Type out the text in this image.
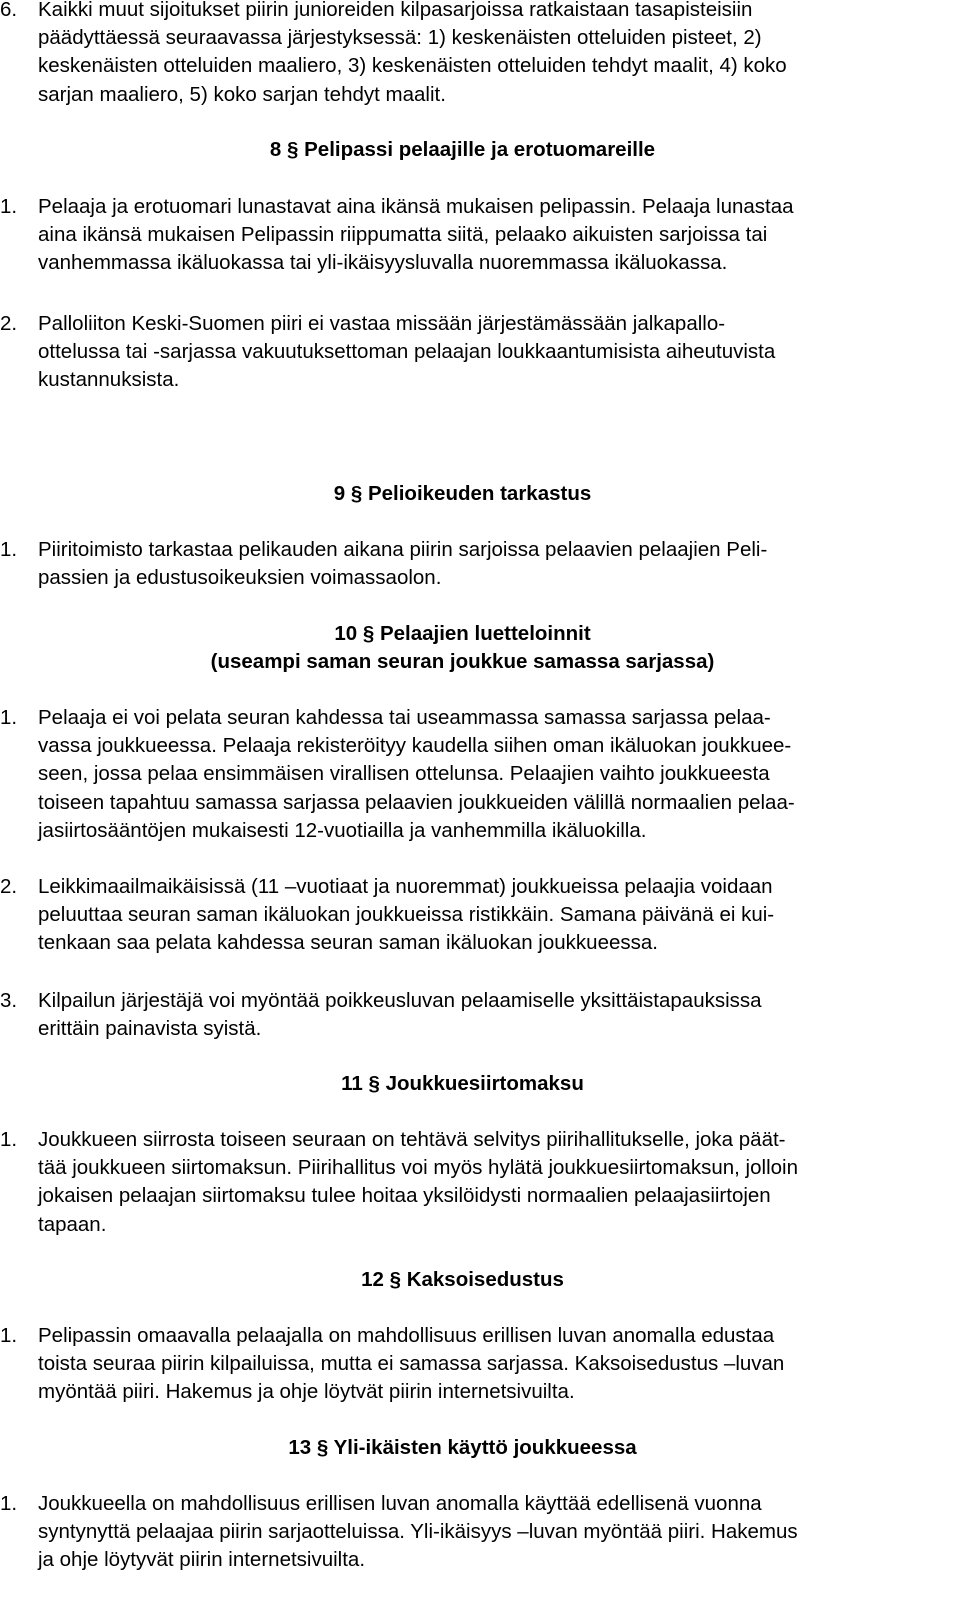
6.	Kaikki muut sijoitukset piirin junioreiden kilpasarjoissa ratkaistaan tasapisteisiin
päädyttäessä seuraavassa järjestyksessä: 1) keskenäisten otteluiden pisteet, 2)
keskenäisten otteluiden maaliero, 3) keskenäisten otteluiden tehdyt maalit, 4) koko
sarjan maaliero, 5) koko sarjan tehdyt maalit.
8 § Pelipassi pelaajille ja erotuomareille
1.	Pelaaja ja erotuomari lunastavat aina ikänsä mukaisen pelipassin. Pelaaja lunastaa
aina ikänsä mukaisen Pelipassin riippumatta siitä, pelaako aikuisten sarjoissa tai
vanhemmassa ikäluokassa tai yli-ikäisyysluvalla nuoremmassa ikäluokassa.
2.	Palloliiton Keski-Suomen piiri ei vastaa missään järjestämässään jalkapallo-
ottelussa tai -sarjassa vakuutuksettoman pelaajan loukkaantumisista aiheutuvista
kustannuksista.
9 § Pelioikeuden tarkastus
1.	Piiritoimisto tarkastaa pelikauden aikana piirin sarjoissa pelaavien pelaajien Peli-
passien ja edustusoikeuksien voimassaolon.
10 § Pelaajien luetteloinnit
(useampi saman seuran joukkue samassa sarjassa)
1.	Pelaaja ei voi pelata seuran kahdessa tai useammassa samassa sarjassa pelaa-
vassa joukkueessa. Pelaaja rekisteröityy kaudella siihen oman ikäluokan joukkuee-
seen, jossa pelaa ensimmäisen virallisen ottelunsa. Pelaajien vaihto joukkueesta
toiseen tapahtuu samassa sarjassa pelaavien joukkueiden välillä normaalien pelaa-
jasiirtosääntöjen mukaisesti 12-vuotiailla ja vanhemmilla ikäluokilla.
2.	Leikkimaailmaikäisissä (11 –vuotiaat ja nuoremmat) joukkueissa pelaajia voidaan
peluuttaa seuran saman ikäluokan joukkueissa ristikkäin. Samana päivänä ei kui-
tenkaan saa pelata kahdessa seuran saman ikäluokan joukkueessa.
3.	Kilpailun järjestäjä voi myöntää poikkeusluvan pelaamiselle yksittäistapauksissa
erittäin painavista syistä.
11 § Joukkuesiirtomaksu
1.	Joukkueen siirrosta toiseen seuraan on tehtävä selvitys piirihallitukselle, joka päät-
tää joukkueen siirtomaksun. Piirihallitus voi myös hylätä joukkuesiirtomaksun, jolloin
jokaisen pelaajan siirtomaksu tulee hoitaa yksilöidysti normaalien pelaajasiirtojen
tapaan.
12 § Kaksoisedustus
1.	Pelipassin omaavalla pelaajalla on mahdollisuus erillisen luvan anomalla edustaa
toista seuraa piirin kilpailuissa, mutta ei samassa sarjassa. Kaksoisedustus –luvan
myöntää piiri. Hakemus ja ohje löytvät piirin internetsivuilta.
13 § Yli-ikäisten käyttö joukkueessa
1.	Joukkueella on mahdollisuus erillisen luvan anomalla käyttää edellisenä vuonna
syntynyttä pelaajaa piirin sarjaotteluissa. Yli-ikäisyys –luvan myöntää piiri. Hakemus
ja ohje löytyvät piirin internetsivuilta.
